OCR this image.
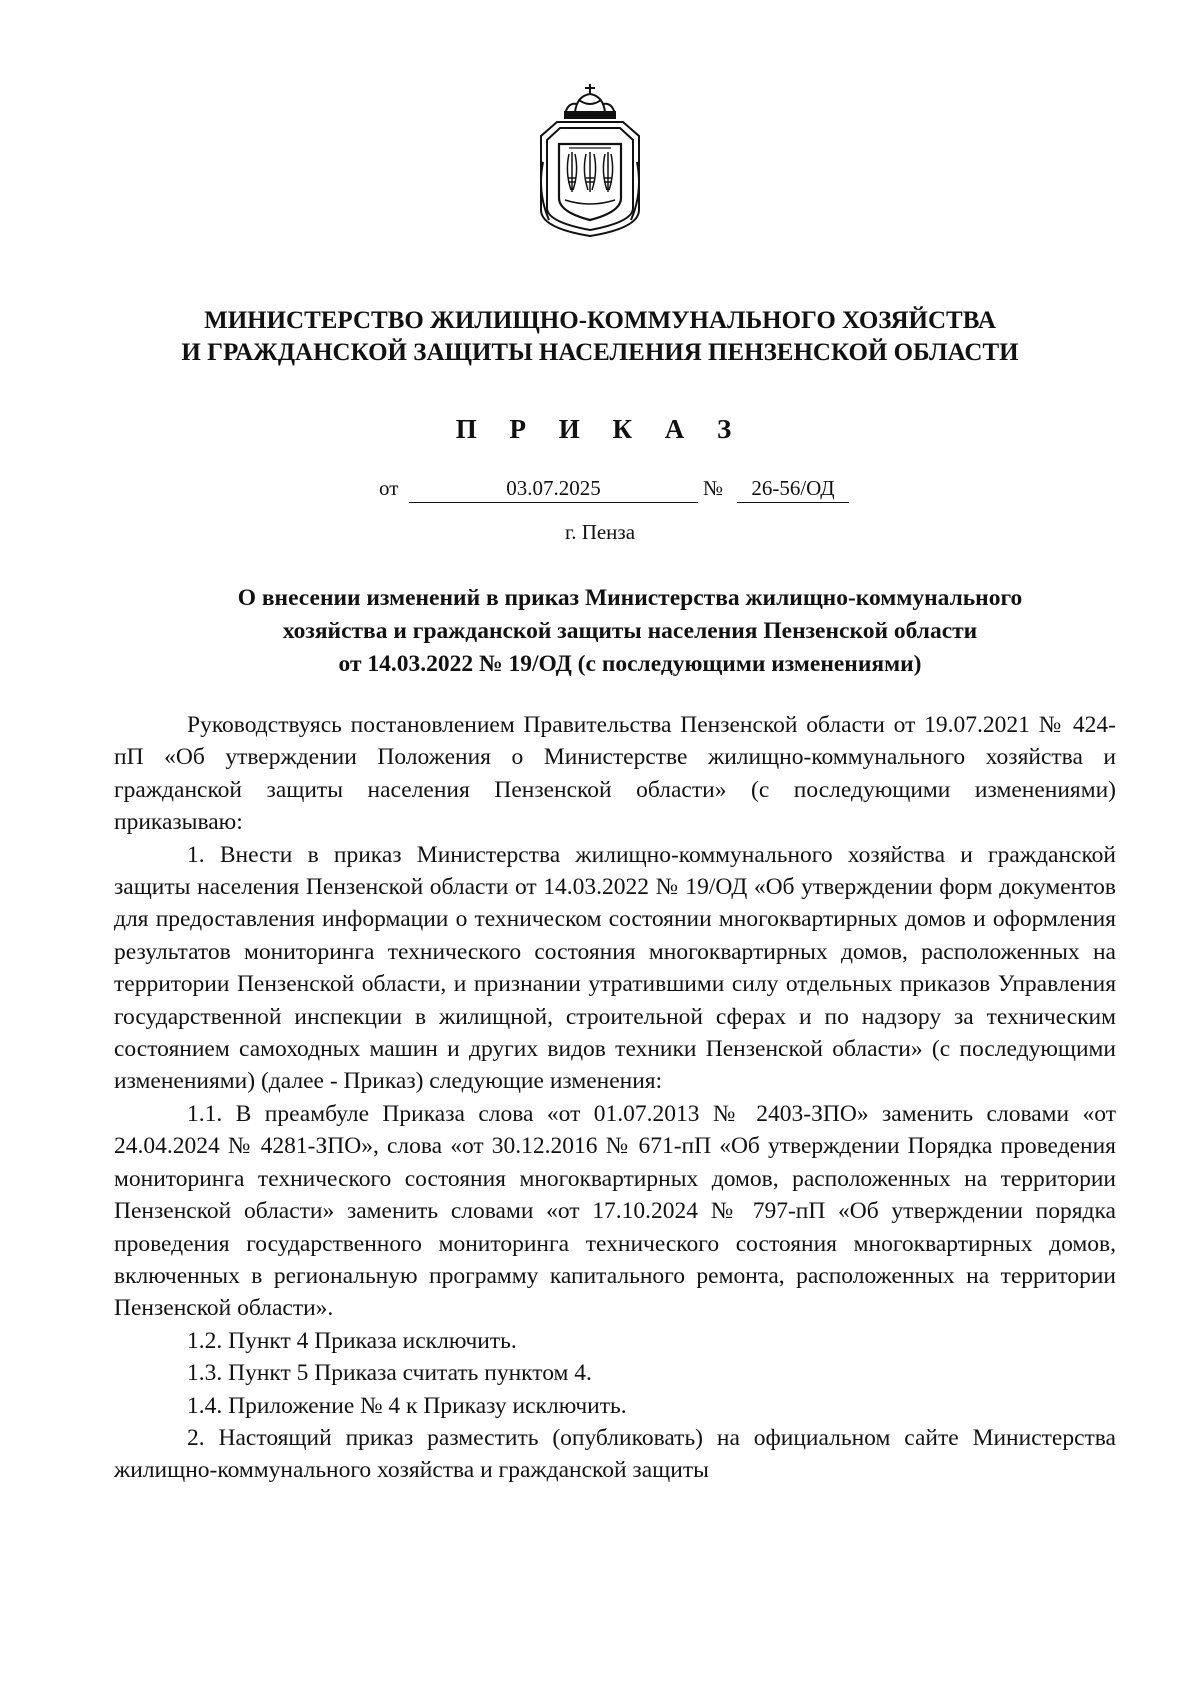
МИНИСТЕРСТВО ЖИЛИЩНО-КОММУНАЛЬНОГО ХОЗЯЙСТВА
И ГРАЖДАНСКОЙ ЗАЩИТЫ НАСЕЛЕНИЯ ПЕНЗЕНСКОЙ ОБЛАСТИ
П Р И К А З
от	03.07.2025	№	26-56/ОД
г. Пенза
О внесении изменений в приказ Министерства жилищно-коммунального
хозяйства и гражданской защиты населения Пензенской области
от 14.03.2022 № 19/ОД (с последующими изменениями)

Руководствуясь постановлением Правительства Пензенской области от 19.07.2021 № 424-пП «Об утверждении Положения о Министерстве жилищно-коммунального хозяйства и гражданской защиты населения Пензенской области» (с последующими изменениями) приказываю:

1. Внести в приказ Министерства жилищно-коммунального хозяйства и гражданской защиты населения Пензенской области от 14.03.2022 № 19/ОД «Об утверждении форм документов для предоставления информации о техническом состоянии многоквартирных домов и оформления результатов мониторинга технического состояния многоквартирных домов, расположенных на территории Пензенской области, и признании утратившими силу отдельных приказов Управления государственной инспекции в жилищной, строительной сферах и по надзору за техническим состоянием самоходных машин и других видов техники Пензенской области» (с последующими изменениями) (далее - Приказ) следующие изменения:

1.1. В преамбуле Приказа слова «от 01.07.2013 № 2403-ЗПО» заменить словами «от 24.04.2024 № 4281-ЗПО», слова «от 30.12.2016 № 671-пП «Об утверждении Порядка проведения мониторинга технического состояния многоквартирных домов, расположенных на территории Пензенской области» заменить словами «от 17.10.2024 № 797-пП «Об утверждении порядка проведения государственного мониторинга технического состояния многоквартирных домов, включенных в региональную программу капитального ремонта, расположенных на территории Пензенской области».

1.2. Пункт 4 Приказа исключить.

1.3. Пункт 5 Приказа считать пунктом 4.

1.4. Приложение № 4 к Приказу исключить.

2. Настоящий приказ разместить (опубликовать) на официальном сайте Министерства жилищно-коммунального хозяйства и гражданской защиты
